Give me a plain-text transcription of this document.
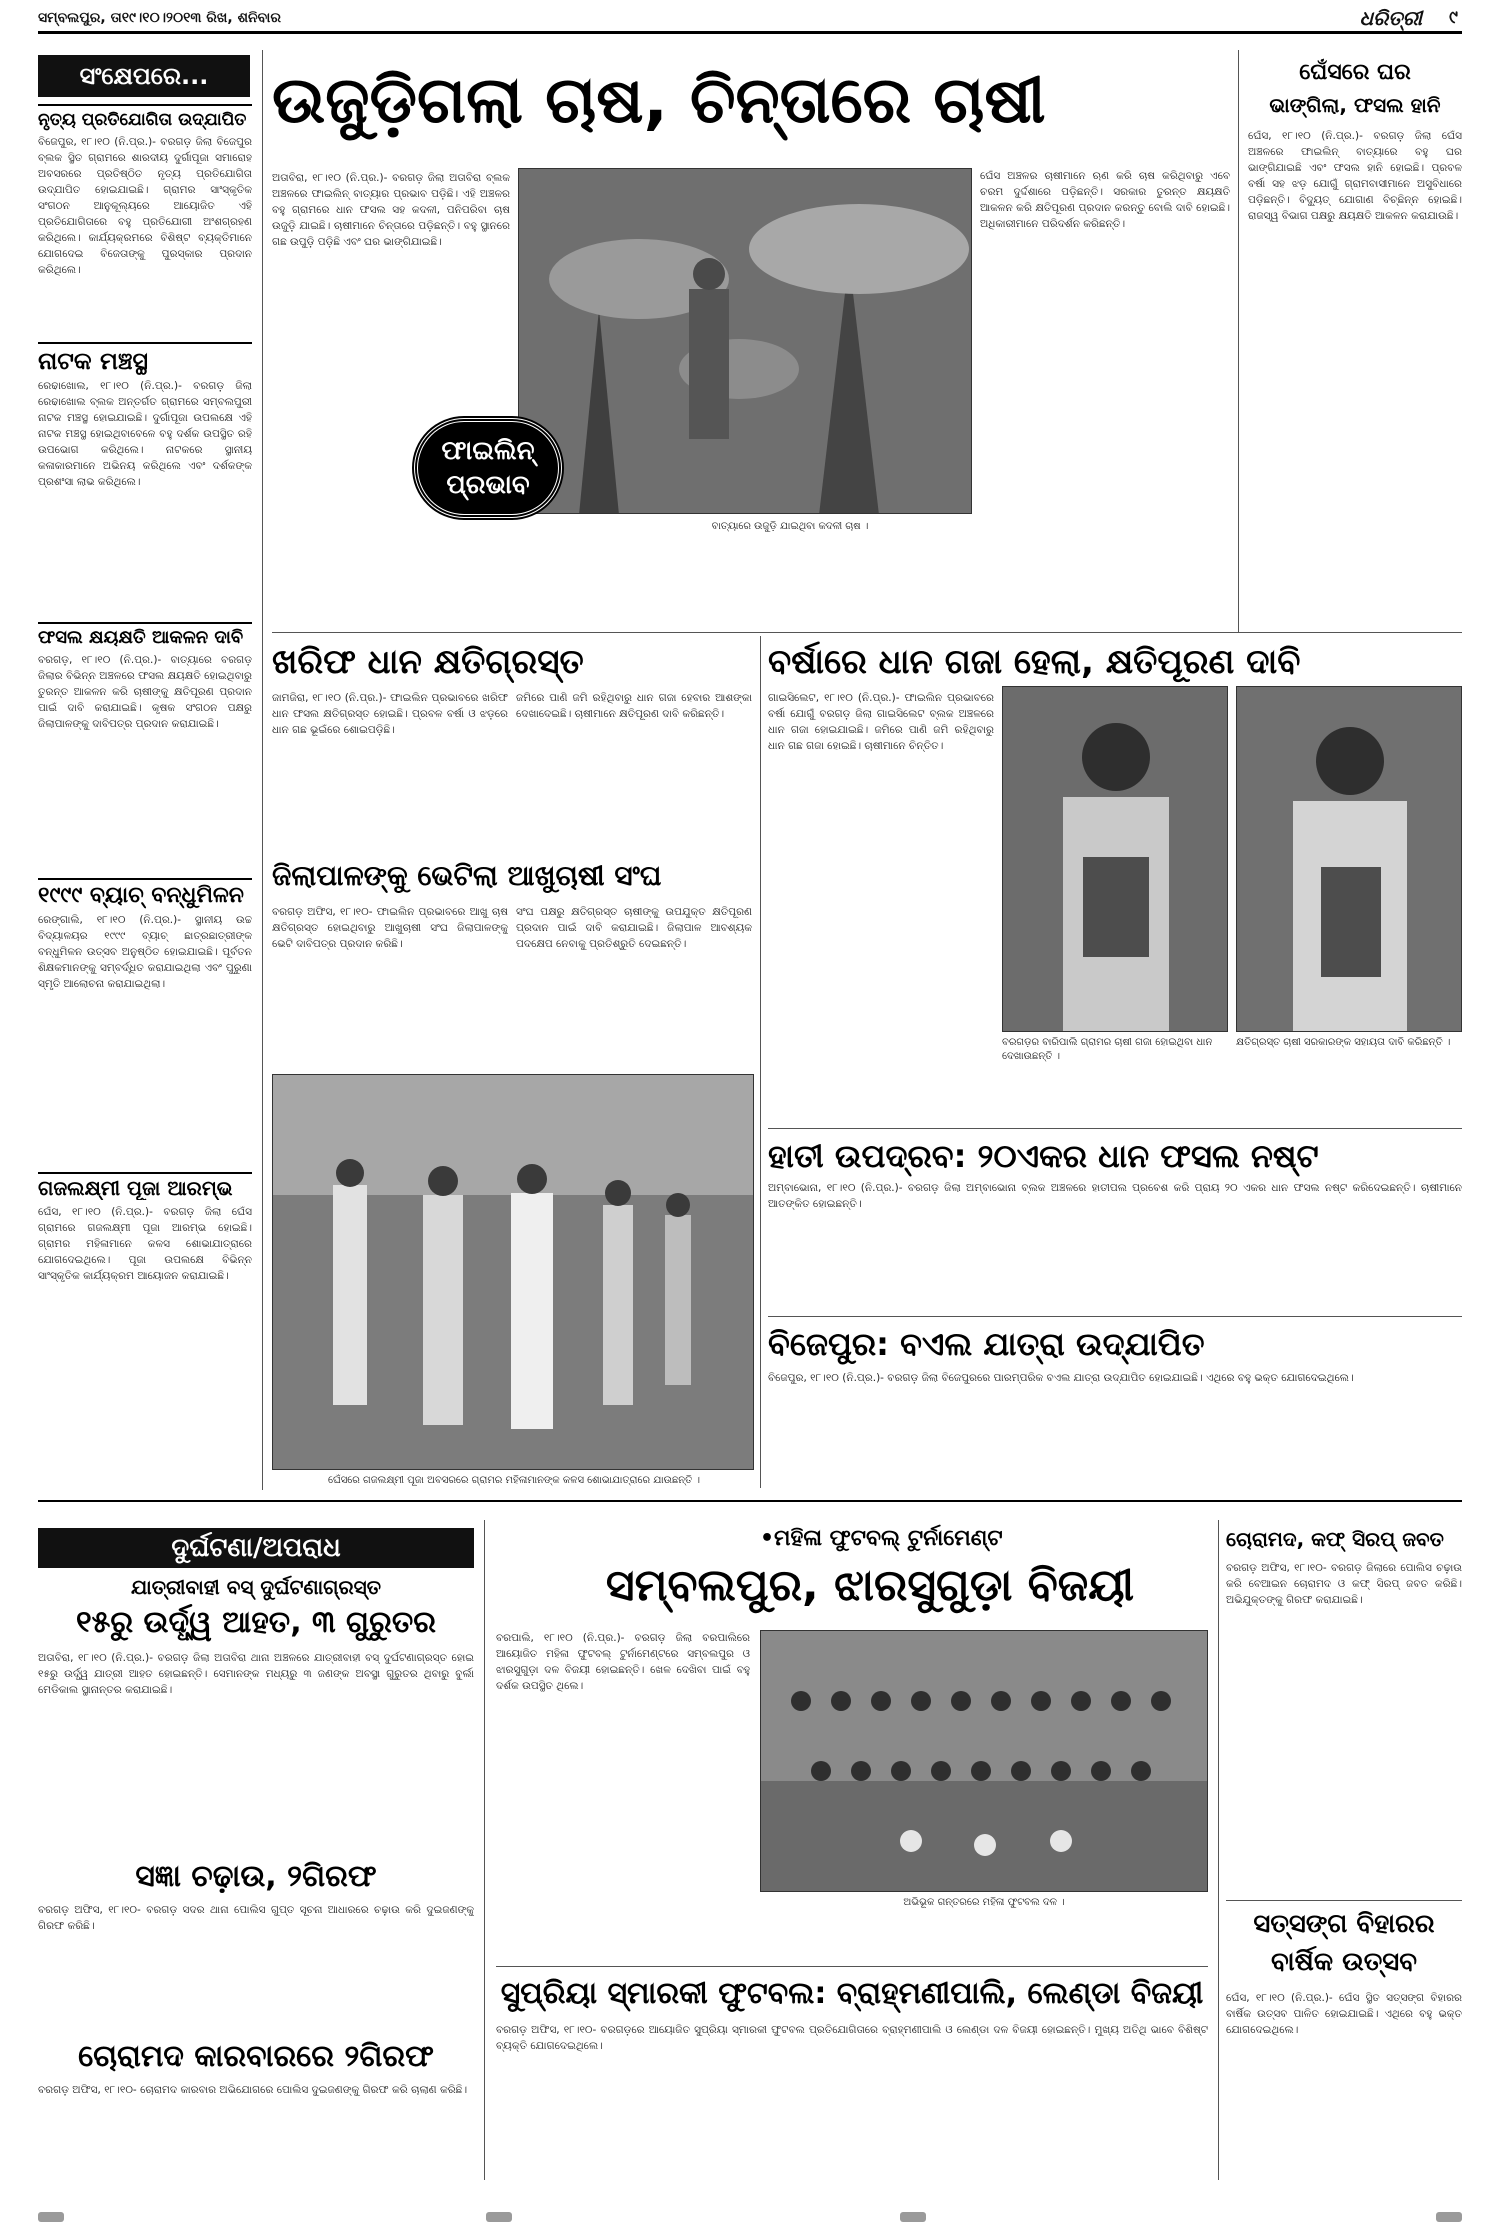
ସମ୍ବଲପୁର, ତା୧୯।୧୦।୨୦୧୩ ରିଖ, ଶନିବାର	ଧରିତ୍ରୀ ୯
ସଂକ୍ଷେପରେ...
ନୃତ୍ୟ ପ୍ରତିଯୋଗିତା ଉଦ୍‌ଯାପିତ
ବିଜେପୁର, ୧୮।୧୦ (ନି.ପ୍ର.)- ବରଗଡ଼ ଜିଲା ବିଜେପୁର ବ୍ଲକ ସ୍ଥିତ ଗ୍ରାମରେ ଶାରଦୀୟ ଦୁର୍ଗାପୂଜା ସମାରୋହ ଅବସରରେ ପ୍ରତିଷ୍ଠିତ ନୃତ୍ୟ ପ୍ରତିଯୋଗିତା ଉଦ୍‌ଯାପିତ ହୋଇଯାଇଛି। ଗ୍ରାମର ସାଂସ୍କୃତିକ ସଂଗଠନ ଆନୁକୂଲ୍ୟରେ ଆୟୋଜିତ ଏହି ପ୍ରତିଯୋଗିତାରେ ବହୁ ପ୍ରତିଯୋଗୀ ଅଂଶଗ୍ରହଣ କରିଥିଲେ। କାର୍ଯ୍ୟକ୍ରମରେ ବିଶିଷ୍ଟ ବ୍ୟକ୍ତିମାନେ ଯୋଗଦେଇ ବିଜେତାଙ୍କୁ ପୁରସ୍କାର ପ୍ରଦାନ କରିଥିଲେ।
ନାଟକ ମଞ୍ଚସ୍ଥ
ରେଢାଖୋଲ, ୧୮।୧୦ (ନି.ପ୍ର.)- ବରଗଡ଼ ଜିଲା ରେଢାଖୋଲ ବ୍ଲକ ଅନ୍ତର୍ଗତ ଗ୍ରାମରେ ସମ୍ବଲପୁରୀ ନାଟକ ମଞ୍ଚସ୍ଥ ହୋଇଯାଇଛି। ଦୁର୍ଗାପୂଜା ଉପଲକ୍ଷେ ଏହି ନାଟକ ମଞ୍ଚସ୍ଥ ହୋଇଥିବାବେଳେ ବହୁ ଦର୍ଶକ ଉପସ୍ଥିତ ରହି ଉପଭୋଗ କରିଥିଲେ। ନାଟକରେ ସ୍ଥାନୀୟ କଳାକାରମାନେ ଅଭିନୟ କରିଥିଲେ ଏବଂ ଦର୍ଶକଙ୍କ ପ୍ରଶଂସା ଲାଭ କରିଥିଲେ।
ଫସଲ କ୍ଷୟକ୍ଷତି ଆକଳନ ଦାବି
ବରଗଡ଼, ୧୮।୧୦ (ନି.ପ୍ର.)- ବାତ୍ୟାରେ ବରଗଡ଼ ଜିଲାର ବିଭିନ୍ନ ଅଞ୍ଚଳରେ ଫସଲ କ୍ଷୟକ୍ଷତି ହୋଇଥିବାରୁ ତୁରନ୍ତ ଆକଳନ କରି ଚାଷୀଙ୍କୁ କ୍ଷତିପୂରଣ ପ୍ରଦାନ ପାଇଁ ଦାବି କରାଯାଇଛି। କୃଷକ ସଂଗଠନ ପକ୍ଷରୁ ଜିଲାପାଳଙ୍କୁ ଦାବିପତ୍ର ପ୍ରଦାନ କରାଯାଇଛି।
୧୯୯୯ ବ୍ୟାଚ୍ ବନ୍ଧୁମିଳନ
ରେଙ୍ଗାଲି, ୧୮।୧୦ (ନି.ପ୍ର.)- ସ୍ଥାନୀୟ ଉଚ୍ଚ ବିଦ୍ୟାଳୟର ୧୯୯୯ ବ୍ୟାଚ୍ ଛାତ୍ରଛାତ୍ରୀଙ୍କ ବନ୍ଧୁମିଳନ ଉତ୍ସବ ଅନୁଷ୍ଠିତ ହୋଇଯାଇଛି। ପୂର୍ବତନ ଶିକ୍ଷକମାନଙ୍କୁ ସମ୍ବର୍ଦ୍ଧିତ କରାଯାଇଥିଲା ଏବଂ ପୁରୁଣା ସ୍ମୃତି ଆଲୋଚନା କରାଯାଇଥିଲା।
ଗଜଲକ୍ଷ୍ମୀ ପୂଜା ଆରମ୍ଭ
ଘେଁସ, ୧୮।୧୦ (ନି.ପ୍ର.)- ବରଗଡ଼ ଜିଲା ଘେଁସ ଗ୍ରାମରେ ଗଜଲକ୍ଷ୍ମୀ ପୂଜା ଆରମ୍ଭ ହୋଇଛି। ଗ୍ରାମର ମହିଳାମାନେ କଳସ ଶୋଭାଯାତ୍ରାରେ ଯୋଗଦେଇଥିଲେ। ପୂଜା ଉପଲକ୍ଷେ ବିଭିନ୍ନ ସାଂସ୍କୃତିକ କାର୍ଯ୍ୟକ୍ରମ ଆୟୋଜନ କରାଯାଇଛି।
ଉଜୁଡ଼ିଗଲା ଚାଷ, ଚିନ୍ତାରେ ଚାଷୀ
ଅତାବିରା, ୧୮।୧୦ (ନି.ପ୍ର.)- ବରଗଡ଼ ଜିଲା ଅତାବିରା ବ୍ଲକ ଅଞ୍ଚଳରେ ଫାଇଲିନ୍ ବାତ୍ୟାର ପ୍ରଭାବ ପଡ଼ିଛି। ଏହି ଅଞ୍ଚଳର ବହୁ ଗ୍ରାମରେ ଧାନ ଫସଲ ସହ କଦଳୀ, ପନିପରିବା ଚାଷ ଉଜୁଡ଼ି ଯାଇଛି। ଚାଷୀମାନେ ଚିନ୍ତାରେ ପଡ଼ିଛନ୍ତି। ବହୁ ସ୍ଥାନରେ ଗଛ ଉପୁଡ଼ି ପଡ଼ିଛି ଏବଂ ଘର ଭାଙ୍ଗିଯାଇଛି।
ଫାଇଲିନ୍
ପ୍ରଭାବ
ବାତ୍ୟାରେ ଉଜୁଡ଼ି ଯାଇଥିବା କଦଳୀ ଚାଷ ।
ଘେଁସ ଅଞ୍ଚଳର ଚାଷୀମାନେ ଋଣ କରି ଚାଷ କରିଥିବାରୁ ଏବେ ଚରମ ଦୁର୍ଦ୍ଦଶାରେ ପଡ଼ିଛନ୍ତି। ସରକାର ତୁରନ୍ତ କ୍ଷୟକ୍ଷତି ଆକଳନ କରି କ୍ଷତିପୂରଣ ପ୍ରଦାନ କରନ୍ତୁ ବୋଲି ଦାବି ହୋଇଛି। ଅଧିକାରୀମାନେ ପରିଦର୍ଶନ କରିଛନ୍ତି।
ଘେଁସରେ ଘର
ଭାଙ୍ଗିଲା, ଫସଲ ହାନି
ଘେଁସ, ୧୮।୧୦ (ନି.ପ୍ର.)- ବରଗଡ଼ ଜିଲା ଘେଁସ ଅଞ୍ଚଳରେ ଫାଇଲିନ୍ ବାତ୍ୟାରେ ବହୁ ଘର ଭାଙ୍ଗିଯାଇଛି ଏବଂ ଫସଲ ହାନି ହୋଇଛି। ପ୍ରବଳ ବର୍ଷା ସହ ଝଡ଼ ଯୋଗୁଁ ଗ୍ରାମବାସୀମାନେ ଅସୁବିଧାରେ ପଡ଼ିଛନ୍ତି। ବିଦ୍ୟୁତ୍ ଯୋଗାଣ ବିଚ୍ଛିନ୍ନ ହୋଇଛି। ରାଜସ୍ୱ ବିଭାଗ ପକ୍ଷରୁ କ୍ଷୟକ୍ଷତି ଆକଳନ କରାଯାଉଛି।
ଖରିଫ ଧାନ କ୍ଷତିଗ୍ରସ୍ତ
ଜାମଜିରା, ୧୮।୧୦ (ନି.ପ୍ର.)- ଫାଇଲିନ ପ୍ରଭାବରେ ଖରିଫ ଧାନ ଫସଲ କ୍ଷତିଗ୍ରସ୍ତ ହୋଇଛି। ପ୍ରବଳ ବର୍ଷା ଓ ଝଡ଼ରେ ଧାନ ଗଛ ଭୂଇଁରେ ଶୋଇପଡ଼ିଛି।
ଜମିରେ ପାଣି ଜମି ରହିଥିବାରୁ ଧାନ ଗଜା ହେବାର ଆଶଙ୍କା ଦେଖାଦେଇଛି। ଚାଷୀମାନେ କ୍ଷତିପୂରଣ ଦାବି କରିଛନ୍ତି।
ଜିଲାପାଳଙ୍କୁ ଭେଟିଲା ଆଖୁଚାଷୀ ସଂଘ
ବରଗଡ଼ ଅଫିସ, ୧୮।୧୦- ଫାଇଲିନ ପ୍ରଭାବରେ ଆଖୁ ଚାଷ କ୍ଷତିଗ୍ରସ୍ତ ହୋଇଥିବାରୁ ଆଖୁଚାଷୀ ସଂଘ ଜିଲାପାଳଙ୍କୁ ଭେଟି ଦାବିପତ୍ର ପ୍ରଦାନ କରିଛି।
ସଂଘ ପକ୍ଷରୁ କ୍ଷତିଗ୍ରସ୍ତ ଚାଷୀଙ୍କୁ ଉପଯୁକ୍ତ କ୍ଷତିପୂରଣ ପ୍ରଦାନ ପାଇଁ ଦାବି କରାଯାଇଛି। ଜିଲାପାଳ ଆବଶ୍ୟକ ପଦକ୍ଷେପ ନେବାକୁ ପ୍ରତିଶ୍ରୁତି ଦେଇଛନ୍ତି।
ଘେଁସରେ ଗଜଲକ୍ଷ୍ମୀ ପୂଜା ଅବସରରେ ଗ୍ରାମର ମହିଳାମାନଙ୍କ କଳସ ଶୋଭାଯାତ୍ରାରେ ଯାଉଛନ୍ତି ।
ବର୍ଷାରେ ଧାନ ଗଜା ହେଲା, କ୍ଷତିପୂରଣ ଦାବି
ଗାଇସିଲେଟ, ୧୮।୧୦ (ନି.ପ୍ର.)- ଫାଇଲିନ ପ୍ରଭାବରେ ବର୍ଷା ଯୋଗୁଁ ବରଗଡ଼ ଜିଲା ଗାଇସିଲେଟ ବ୍ଲକ ଅଞ୍ଚଳରେ ଧାନ ଗଜା ହୋଇଯାଇଛି। ଜମିରେ ପାଣି ଜମି ରହିଥିବାରୁ ଧାନ ଗଛ ଗଜା ହୋଇଛି। ଚାଷୀମାନେ ଚିନ୍ତିତ।
ବରଗଡ଼ର ବାରିପାଲି ଗ୍ରାମର ଚାଷୀ ଗଜା ହୋଇଥିବା ଧାନ ଦେଖାଉଛନ୍ତି ।
କ୍ଷତିଗ୍ରସ୍ତ ଚାଷୀ ସରକାରଙ୍କ ସହାୟତା ଦାବି କରିଛନ୍ତି ।
ହାତୀ ଉପଦ୍ରବ: ୨୦ଏକର ଧାନ ଫସଲ ନଷ୍ଟ
ଅମ୍ବାଭୋନା, ୧୮।୧୦ (ନି.ପ୍ର.)- ବରଗଡ଼ ଜିଲା ଅମ୍ବାଭୋନା ବ୍ଲକ ଅଞ୍ଚଳରେ ହାତୀପଲ ପ୍ରବେଶ କରି ପ୍ରାୟ ୨୦ ଏକର ଧାନ ଫସଲ ନଷ୍ଟ କରିଦେଇଛନ୍ତି। ଚାଷୀମାନେ ଆତଙ୍କିତ ହୋଇଛନ୍ତି।
ବିଜେପୁର: ବଏଲ ଯାତ୍ରା ଉଦ୍‌ଯାପିତ
ବିଜେପୁର, ୧୮।୧୦ (ନି.ପ୍ର.)- ବରଗଡ଼ ଜିଲା ବିଜେପୁରରେ ପାରମ୍ପରିକ ବଏଲ ଯାତ୍ରା ଉଦ୍‌ଯାପିତ ହୋଇଯାଇଛି। ଏଥିରେ ବହୁ ଭକ୍ତ ଯୋଗଦେଇଥିଲେ।
ଦୁର୍ଘଟଣା/ଅପରାଧ
ଯାତ୍ରୀବାହୀ ବସ୍ ଦୁର୍ଘଟଣାଗ୍ରସ୍ତ
୧୫ରୁ ଉର୍ଦ୍ଧ୍ୱ ଆହତ, ୩ ଗୁରୁତର
ଅତାବିରା, ୧୮।୧୦ (ନି.ପ୍ର.)- ବରଗଡ଼ ଜିଲା ଅତାବିରା ଥାନା ଅଞ୍ଚଳରେ ଯାତ୍ରୀବାହୀ ବସ୍ ଦୁର୍ଘଟଣାଗ୍ରସ୍ତ ହୋଇ ୧୫ରୁ ଉର୍ଦ୍ଧ୍ୱ ଯାତ୍ରୀ ଆହତ ହୋଇଛନ୍ତି। ସେମାନଙ୍କ ମଧ୍ୟରୁ ୩ ଜଣଙ୍କ ଅବସ୍ଥା ଗୁରୁତର ଥିବାରୁ ବୁର୍ଲା ମେଡିକାଲ ସ୍ଥାନାନ୍ତର କରାଯାଇଛି।
ସଜ୍ଞା ଚଢ଼ାଉ, ୨ଗିରଫ
ବରଗଡ଼ ଅଫିସ, ୧୮।୧୦- ବରଗଡ଼ ସଦର ଥାନା ପୋଲିସ ଗୁପ୍ତ ସୂଚନା ଆଧାରରେ ଚଢ଼ାଉ କରି ଦୁଇଜଣଙ୍କୁ ଗିରଫ କରିଛି।
ଚୋରାମଦ କାରବାରରେ ୨ଗିରଫ
ବରଗଡ଼ ଅଫିସ, ୧୮।୧୦- ଚୋରାମଦ କାରବାର ଅଭିଯୋଗରେ ପୋଲିସ ଦୁଇଜଣଙ୍କୁ ଗିରଫ କରି ଚାଲାଣ କରିଛି।
•ମହିଳା ଫୁଟବଲ୍ ଟୁର୍ନାମେଣ୍ଟ
ସମ୍ବଲପୁର, ଝାରସୁଗୁଡ଼ା ବିଜୟୀ
ବରପାଲି, ୧୮।୧୦ (ନି.ପ୍ର.)- ବରଗଡ଼ ଜିଲା ବରପାଲିରେ ଆୟୋଜିତ ମହିଳା ଫୁଟବଲ୍ ଟୁର୍ନାମେଣ୍ଟରେ ସମ୍ବଲପୁର ଓ ଝାରସୁଗୁଡ଼ା ଦଳ ବିଜୟୀ ହୋଇଛନ୍ତି। ଖେଳ ଦେଖିବା ପାଇଁ ବହୁ ଦର୍ଶକ ଉପସ୍ଥିତ ଥିଲେ।
ଅଭିଭୂକ ଗନ୍ତରରେ ମହିଳା ଫୁଟବଲ ଦଳ ।
ସୁପ୍ରିୟା ସ୍ମାରକୀ ଫୁଟବଲ: ବ୍ରାହ୍ମଣୀପାଲି, ଲେଣ୍ଡା ବିଜୟୀ
ବରଗଡ଼ ଅଫିସ, ୧୮।୧୦- ବରଗଡ଼ରେ ଆୟୋଜିତ ସୁପ୍ରିୟା ସ୍ମାରକୀ ଫୁଟବଲ ପ୍ରତିଯୋଗିତାରେ ବ୍ରାହ୍ମଣୀପାଲି ଓ ଲେଣ୍ଡା ଦଳ ବିଜୟୀ ହୋଇଛନ୍ତି। ମୁଖ୍ୟ ଅତିଥି ଭାବେ ବିଶିଷ୍ଟ ବ୍ୟକ୍ତି ଯୋଗଦେଇଥିଲେ।
ଚୋରାମଦ, କଫ୍ ସିରପ୍ ଜବତ
ବରଗଡ଼ ଅଫିସ, ୧୮।୧୦- ବରଗଡ଼ ଜିଲାରେ ପୋଲିସ ଚଢ଼ାଉ କରି ବେଆଇନ ଚୋରାମଦ ଓ କଫ୍ ସିରପ୍ ଜବତ କରିଛି। ଅଭିଯୁକ୍ତଙ୍କୁ ଗିରଫ କରାଯାଇଛି।
ସତ୍‌ସଙ୍ଗ ବିହାରର
ବାର୍ଷିକ ଉତ୍ସବ
ଘେଁସ, ୧୮।୧୦ (ନି.ପ୍ର.)- ଘେଁସ ସ୍ଥିତ ସତ୍‌ସଙ୍ଗ ବିହାରର ବାର୍ଷିକ ଉତ୍ସବ ପାଳିତ ହୋଇଯାଇଛି। ଏଥିରେ ବହୁ ଭକ୍ତ ଯୋଗଦେଇଥିଲେ।
